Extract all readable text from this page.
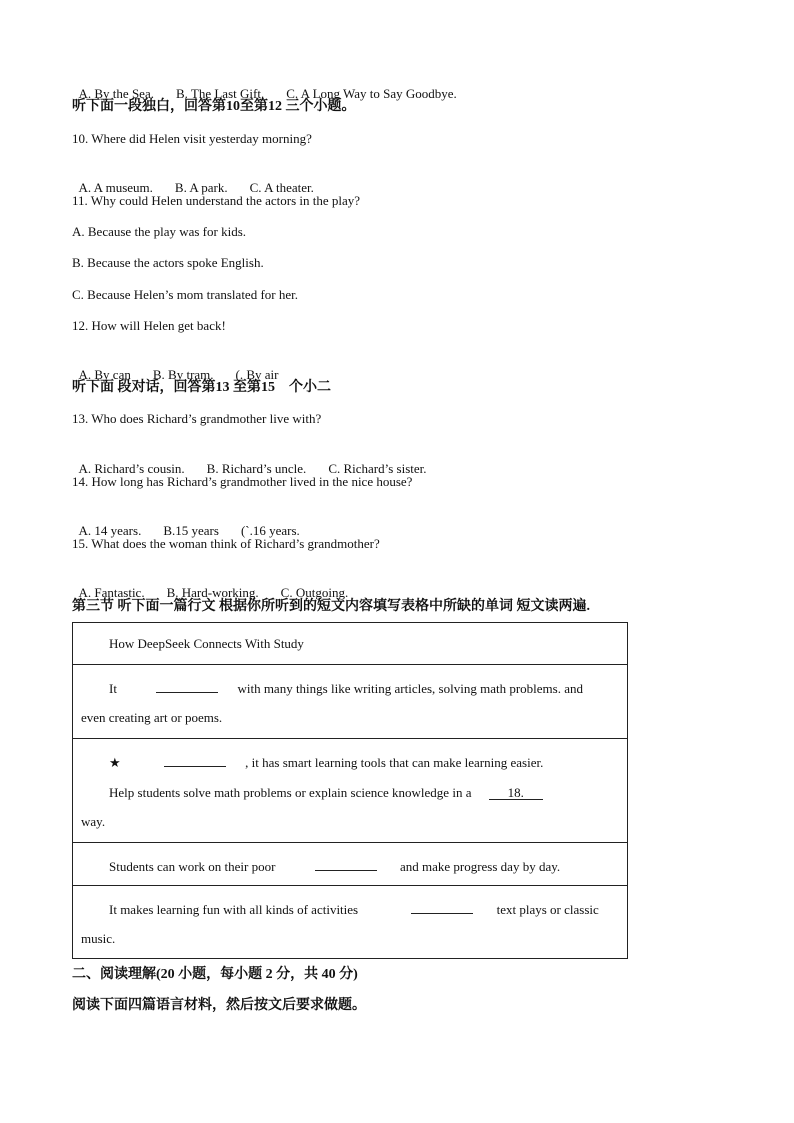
A. By the Sea. B. The Last Gift. C. A Long Way to Say Goodbye.

听下面一段独白，回答第10至第12 三个小题。
10. Where did Helen visit yesterday morning?

A. A museum. B. A park. C. A theater.

11. Why could Helen understand the actors in the play?
A. Because the play was for kids.
B. Because the actors spoke English.
C. Because Helen’s mom translated for her.
12. How will Helen get back!

A. By can B. By tram. (. By air

听下面 段对话，回答第13 至第15　个小二
13. Who does Richard’s grandmother live with?

A. Richard’s cousin. B. Richard’s uncle. C. Richard’s sister.

14. How long has Richard’s grandmother lived in the nice house?

A. 14 years. B.15 years (`.16 years.

15. What does the woman think of Richard’s grandmother?

A. Fantastic. B. Hard-working. C. Outgoing.

第三节 听下面一篇行文 根据你所听到的短文内容填写表格中所缺的单词 短文读两遍.
How DeepSeek Connects With Study

It	with many things like writing articles, solving math problems. and
even creating art or poems.

★	, it has smart learning tools that can make learning easier.
Help students solve math problems or explain science knowledge in a	18.
way.

Students can work on their poor	and make progress day by day.

It makes learning fun with all kinds of activities	text plays or classic
music.
二、阅读理解(20 小题，每小题 2 分，共 40 分)
阅读下面四篇语言材料，然后按文后要求做题。
